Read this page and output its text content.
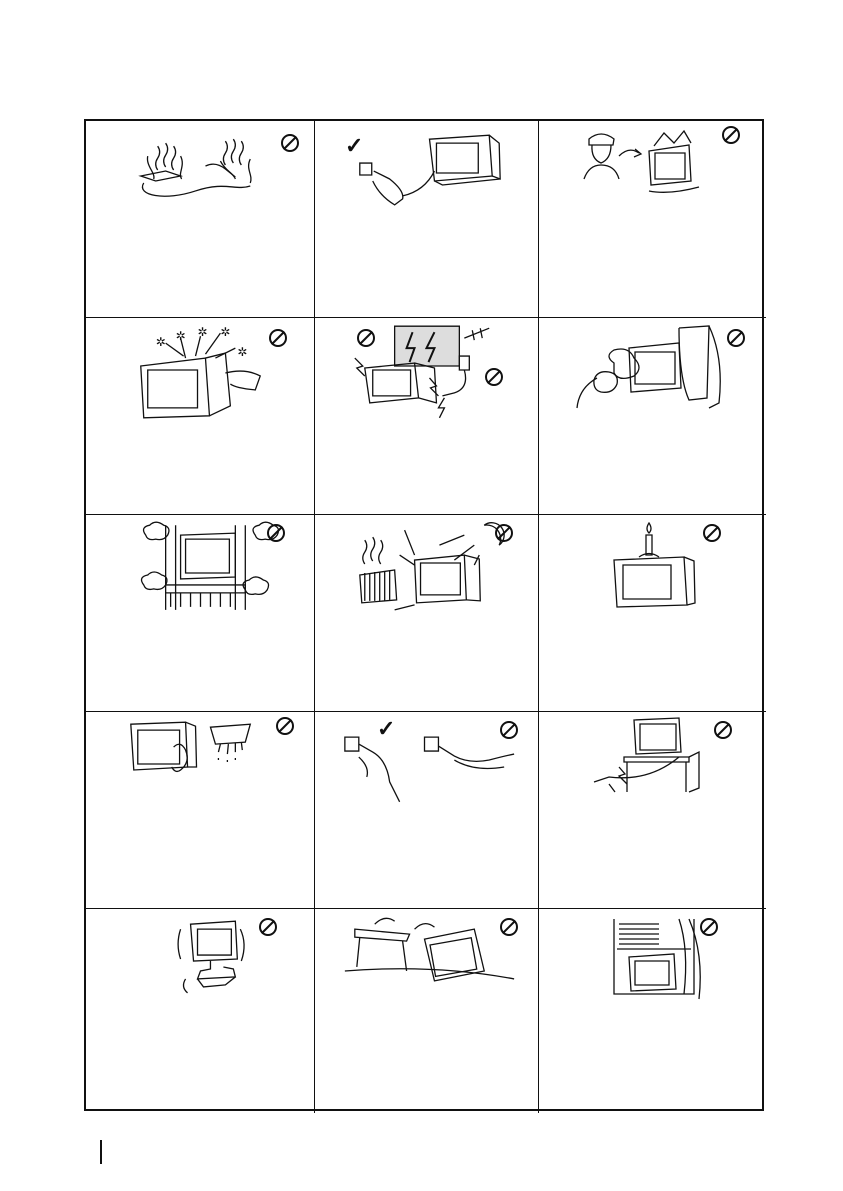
✓
✲ ✲ ✲
✲
✲
✓
